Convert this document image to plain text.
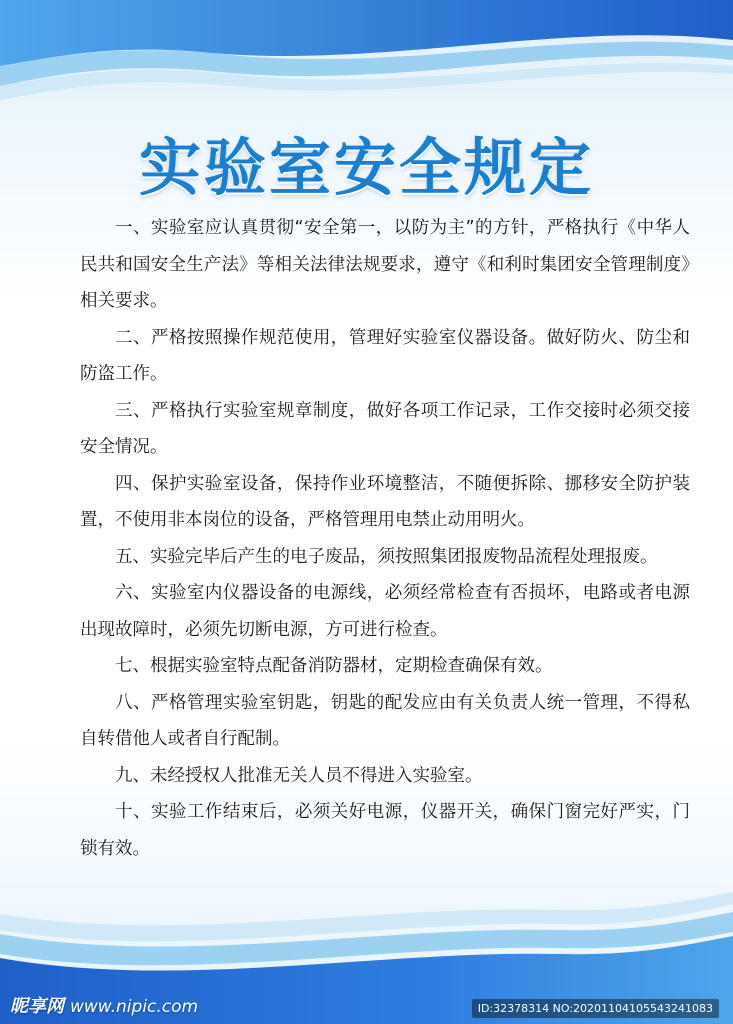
实验室安全规定

一、实验室应认真贯彻“安全第一，以防为主”的方针，严格执行《中华人民共和国安全生产法》等相关法律法规要求，遵守《和利时集团安全管理制度》相关要求。

二、严格按照操作规范使用，管理好实验室仪器设备。做好防火、防尘和防盗工作。

三、严格执行实验室规章制度，做好各项工作记录，工作交接时必须交接安全情况。

四、保护实验室设备，保持作业环境整洁，不随便拆除、挪移安全防护装置，不使用非本岗位的设备，严格管理用电禁止动用明火。

五、实验完毕后产生的电子废品，须按照集团报废物品流程处理报废。

六、实验室内仪器设备的电源线，必须经常检查有否损坏，电路或者电源出现故障时，必须先切断电源，方可进行检查。

七、根据实验室特点配备消防器材，定期检查确保有效。

八、严格管理实验室钥匙，钥匙的配发应由有关负责人统一管理，不得私自转借他人或者自行配制。

九、未经授权人批准无关人员不得进入实验室。

十、实验工作结束后，必须关好电源，仪器开关，确保门窗完好严实，门锁有效。

昵享网 www.nipic.com	ID:32378314 NO:20201104105543241083
